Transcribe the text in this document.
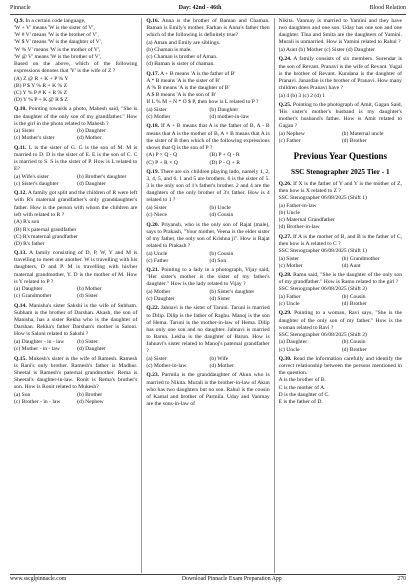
Pinnacle	Day: 42nd - 46th	Blood Relation
Q.9. In a certain code language,
'W + V' means 'W is the sister of V',
'W # V' means 'W is the brother of V',
'W $ V' means 'W is the daughter of V',
'W % V' means 'W is the mother of V',
'W @ V' means 'W is the brother of V',
Based on the above, which of the following expressions denotes that 'Y' is the wife of Z ?
(A) Z @ R + K + P % Y
(B) P $ Y % R + K % Z
(C) Y % P # K + R % Z
(D) Y % P + K @ R $ Z
Q.10. Pointing towards a photo, Mahesh said, "She is the daughter of the only son of my grandfather." How is the girl in the photo related to Mahesh ?
(a) Sister	(b) Daughter
(c) Mother's sister	(d) Mother
Q.11. L is the sister of G. G is the son of M. M is married to D. D is the sister of E. E is the son of C. C is married to S. S is the sister of P. How is L related to E?
(a) Wife's sister	(b) Brother's daughter
(c) Sister's daughter	(d) Daughter
Q.12. A family got split and the children of R were left with R's maternal grandfather's only granddaughter's father. How is the person with whom the children are left with related to R ?
(A) R's son
(B) R's paternal grandfather
(C) R's maternal grandfather
(D) R's father
Q.13. A family consisting of D, P, W, Y and M is travelling to meet one another. W is travelling with his daughters, D and P. M is travelling with his/her maternal grandmother, Y. D is the mother of M. How is Y related to P ?
(a) Daughter	(b) Mother
(c) Grandmother	(d) Sister
Q.14. Manisha's sister Sakshi is the wife of Subham. Subham is the brother of Darshan. Akash, the son of Manisha, has a sister Rekha who is the daughter of Darshan. Rekha's father Darshan's mother is Saloni. How is Saloni related to Sakshi ?
(a) Daughter - in - law	(b) Sister
(c) Mother - in - law	(d) Daughter
Q.15. Mukesh's sister is the wife of Ramesh. Ramesh is Rani's only brother. Ramesh's father is Madhur. Sheetal is Ramesh's paternal grandmother. Rema is Sheetal's daughter-in-law. Ronit is Rema's brother's son. How is Ronit related to Mukesh?
(a) Son	(b) Brother
(c) Brother - in - law	(d) Nephew
Q.16. Anna is the brother of Baman and Chaman. Baman is Emily's mother. Farhan is Anna's father then which of the following is definitely true?
(a) Aman and Emily are siblings.
(b) Chaman is male.
(c) Chaman is brother of Aman.
(d) Baman is sister of chaman.
Q.17. A + B means 'A is the father of B'
A * B means 'A is the sister of B'
A % B means 'A is the daughter of B'
A $ B means 'A is the son of B'
If L % M + N * O $ P, then how is L related to P ?
(a) Sister	(b) Daughter
(c) Mother	(d) mother-in-law
Q.18. If A + B means that A is the father of B, A - B means that A is the mother of B, A × B means that A is the sister of B then which of the following expressions shows that Q is the son of P ?
(A) P × Q - Q	(B) P + Q - R
(C) P + R × Q	(D) P - Q + R
Q.19. There are six children playing ludo, namely 1, 2, 3, 4, 5, and 6. 1 and 5 are brothers. 6 is the sister of 5. 3 is the only son of 1's father's brother. 2 and 4 are the daughters of the only brother of 3's father. How is 4 related to 1 ?
(a) Sister	(b) Uncle
(c) Niece	(d) Cousin
Q.20. Priyansh, who is the only son of Rajat (male), says to Prakash, "Your mother, Veena is the elder sister of my father, the only son of Krishna ji". How is Rajat related to Prakash ?
(a) Uncle	(b) Cousin
(c) Father	(d) Son
Q.21. Pointing to a lady in a photograph, Vijay said, "Her sister's mother is the sister of my father's daughter." How is the lady related to Vijay ?
(a) Mother	(b) Sister's daughter
(c) Daughter	(d) Sister
Q.22. Jahnavi is the sister of Taruni. Taruni is married to Dilip. Dilip is the father of Raghu. Manoj is the son of Hema. Taruni is the mother-in-law of Hema. Dilip has only one son and no daughter. Jahnavi is married to Barun. Lekha is the daughter of Barun. How is Jahnavi's sister related to Manoj's paternal grandfather ?
(a) Sister	(b) Wife
(c) Mother-in-law	(d) Mother
Q.23. Parmila is the granddaughter of Akun who is married to Nikita. Murali is the brother-in-law of Akun who has two daughters but no son. Rahul is the cousin of Kamal and brother of Parmila. Uday and Vanmay are the sons-in-law of
Nikita. Vanmay is married to Yamini and they have two daughters and one son. Uday has one son and one daughter. Tina and Smita are the daughters of Yamini. Murali is unmarried. How is Yamini related to Rahul ?
(a) Aunt (b) Mother (c) Sister (d) Daughter
Q.24. A family consists of six members. Surendar is the son of Revant. Pranavi is the wife of Revant. Yugal is the brother of Revant. Kundana is the daughter of Pranavi. Janardan is the brother of Pranavi. How many children does Pranavi have ?
(a) 4 (b) 3 (c) 2 (d) 1
Q.25. Pointing to the photograph of Amit, Gagan Said, 'His sister's mother's husband is my daughter's mother's husband's father. How is Amit related to Gagan ?
(a) Nephew	(b) Maternal uncle
(c) Father	(d) Brother
Previous Year Questions
SSC Stenographer 2025 Tier - 1
Q.26. If X is the father of Y and Y is the mother of Z, then how is X related to Z ?
SSC Stenographer 06/08/2025 (Shift 1)
(a) Father-in-law
(b) Uncle
(c) Maternal Grandfather
(d) Brother-in-law
Q.27. If A is the mother of B, and B is the father of C, then how is A related to C ?
SSC Stenographer 06/08/2025 (Shift 1)
(a) Sister	(b) Grandmother
(c) Mother	(d) Aunt
Q.28. Ramu said, "She is the daughter of the only son of my grandfather." How is Ramu related to the girl ?
SSC Stenographer 06/08/2025 (Shift 2)
(a) Father	(b) Cousin
(c) Uncle	(d) Brother
Q.29. Pointing to a woman, Ravi says, "She is the daughter of the only son of my father." How is the woman related to Ravi ?
SSC Stenographer 06/08/2025 (Shift 2)
(a) Daughter	(b) Cousin
(c) Uncle	(d) Brother
Q.30. Read the information carefully and identify the correct relationship between the persons mentioned in the question.
A is the brother of B.
C is the mother of A.
D is the daughter of C.
E is the father of D.
www.sscglpinnacle.com	Download Pinnacle Exam Preparation App	270
